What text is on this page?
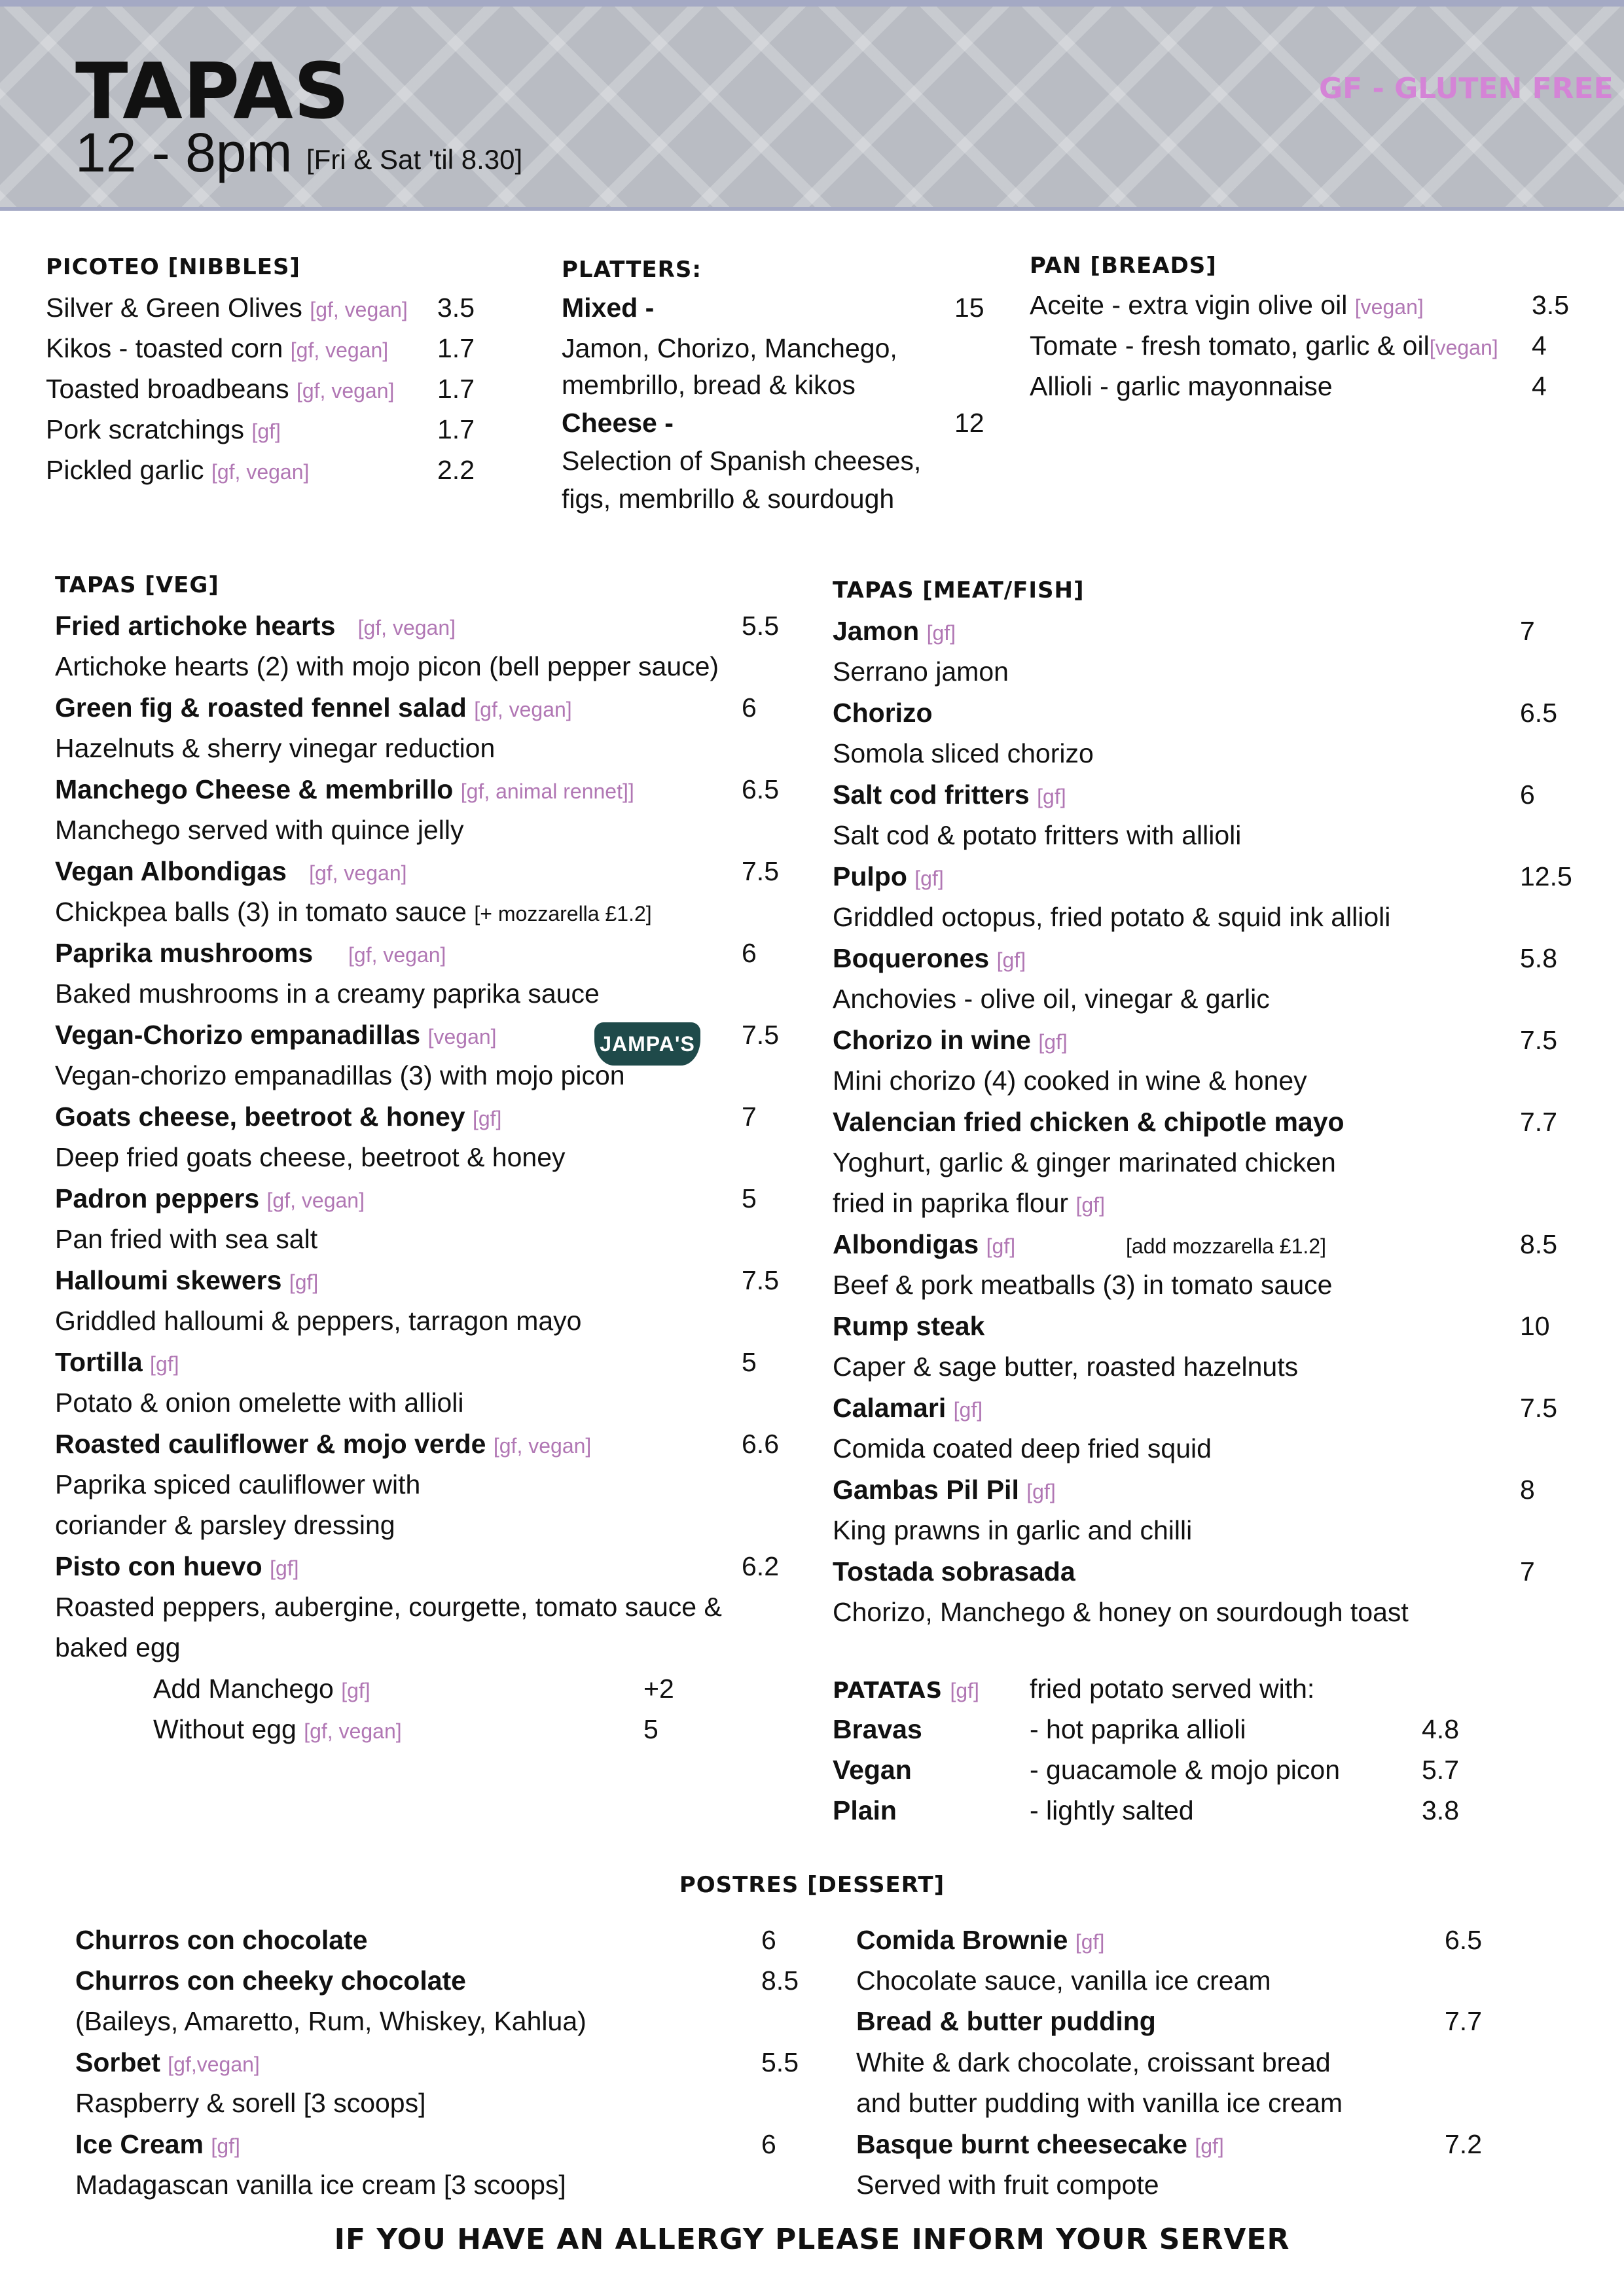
TAPAS
12 - 8pm [Fri & Sat 'til 8.30]
GF - GLUTEN FREE
PICOTEO [NIBBLES]
Silver & Green Olives [gf, vegan] 3.5
Kikos - toasted corn [gf, vegan] 1.7
Toasted broadbeans [gf, vegan] 1.7
Pork scratchings [gf]	1.7
Pickled garlic [gf, vegan]	2.2
PLATTERS:
Mixed -	15
Jamon, Chorizo, Manchego,
membrillo, bread & kikos
Cheese -	12
Selection of Spanish cheeses,
figs, membrillo & sourdough
PAN [BREADS]
Aceite - extra vigin olive oil [vegan]	3.5
Tomate - fresh tomato, garlic & oil[vegan] 4
Allioli - garlic mayonnaise	4
TAPAS [VEG]
Fried artichoke hearts [gf, vegan]	5.5
Artichoke hearts (2) with mojo picon (bell pepper sauce)
Green fig & roasted fennel salad [gf, vegan]	6
Hazelnuts & sherry vinegar reduction
Manchego Cheese & membrillo [gf, animal rennet]]	6.5
Manchego served with quince jelly
Vegan Albondigas [gf, vegan]	7.5
Chickpea balls (3) in tomato sauce [+ mozzarella £1.2]
Paprika mushrooms [gf, vegan]	6
Baked mushrooms in a creamy paprika sauce
Vegan-Chorizo empanadillas [vegan]	JAMPA'S 7.5
Vegan-chorizo empanadillas (3) with mojo picon
Goats cheese, beetroot & honey [gf]	7
Deep fried goats cheese, beetroot & honey
Padron peppers [gf, vegan]	5
Pan fried with sea salt
Halloumi skewers [gf]	7.5
Griddled halloumi & peppers, tarragon mayo
Tortilla [gf]	5
Potato & onion omelette with allioli
Roasted cauliflower & mojo verde [gf, vegan]	6.6
Paprika spiced cauliflower with
coriander & parsley dressing
Pisto con huevo [gf]	6.2
Roasted peppers, aubergine, courgette, tomato sauce &
baked egg
Add Manchego [gf]	+2
Without egg [gf, vegan]	5
TAPAS [MEAT/FISH]
Jamon [gf]	7
Serrano jamon
Chorizo	6.5
Somola sliced chorizo
Salt cod fritters [gf]	6
Salt cod & potato fritters with allioli
Pulpo [gf]	12.5
Griddled octopus, fried potato & squid ink allioli
Boquerones [gf]	5.8
Anchovies - olive oil, vinegar & garlic
Chorizo in wine [gf]	7.5
Mini chorizo (4) cooked in wine & honey
Valencian fried chicken & chipotle mayo	7.7
Yoghurt, garlic & ginger marinated chicken
fried in paprika flour [gf]
Albondigas [gf]	[add mozzarella £1.2]	8.5
Beef & pork meatballs (3) in tomato sauce
Rump steak	10
Caper & sage butter, roasted hazelnuts
Calamari [gf]	7.5
Comida coated deep fried squid
Gambas Pil Pil [gf]	8
King prawns in garlic and chilli
Tostada sobrasada	7
Chorizo, Manchego & honey on sourdough toast
PATATAS [gf] fried potato served with:
Bravas	- hot paprika allioli	4.8
Vegan	- guacamole & mojo picon	5.7
Plain	- lightly salted	3.8
POSTRES [DESSERT]
Churros con chocolate	6
Churros con cheeky chocolate	8.5
(Baileys, Amaretto, Rum, Whiskey, Kahlua)
Sorbet [gf,vegan]	5.5
Raspberry & sorell [3 scoops]
Ice Cream [gf]	6
Madagascan vanilla ice cream [3 scoops]
Comida Brownie [gf]	6.5
Chocolate sauce, vanilla ice cream
Bread & butter pudding	7.7
White & dark chocolate, croissant bread
and butter pudding with vanilla ice cream
Basque burnt cheesecake [gf]	7.2
Served with fruit compote
IF YOU HAVE AN ALLERGY PLEASE INFORM YOUR SERVER
